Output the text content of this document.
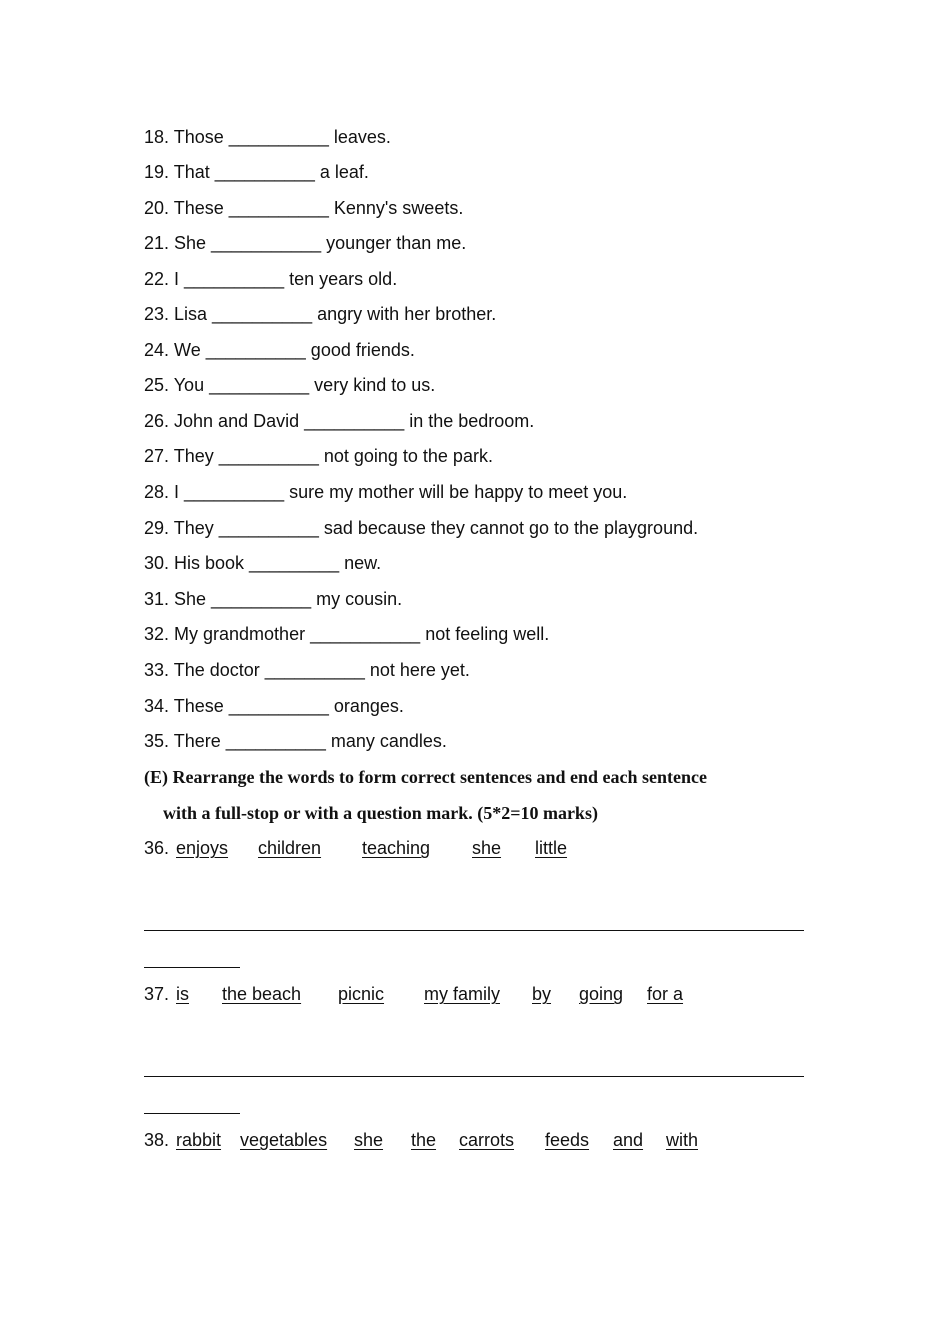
18. Those __________ leaves.
19. That __________ a leaf.
20. These __________ Kenny's sweets.
21. She ___________ younger than me.
22. I __________ ten years old.
23. Lisa __________ angry with her brother.
24. We __________ good friends.
25. You __________ very kind to us.
26. John and David __________ in the bedroom.
27. They __________ not going to the park.
28. I __________ sure my mother will be happy to meet you.
29. They __________ sad because they cannot go to the playground.
30. His book _________ new.
31. She __________ my cousin.
32. My grandmother ___________ not feeling well.
33. The doctor __________ not here yet.
34. These __________ oranges.
35. There __________ many candles.
(E) Rearrange the words to form correct sentences and end each sentence
with a full-stop or with a question mark. (5*2=10 marks)
36. enjoys children teaching she little
37. is the beach picnic my family by going for a
38. rabbit vegetables she the carrots feeds and with
